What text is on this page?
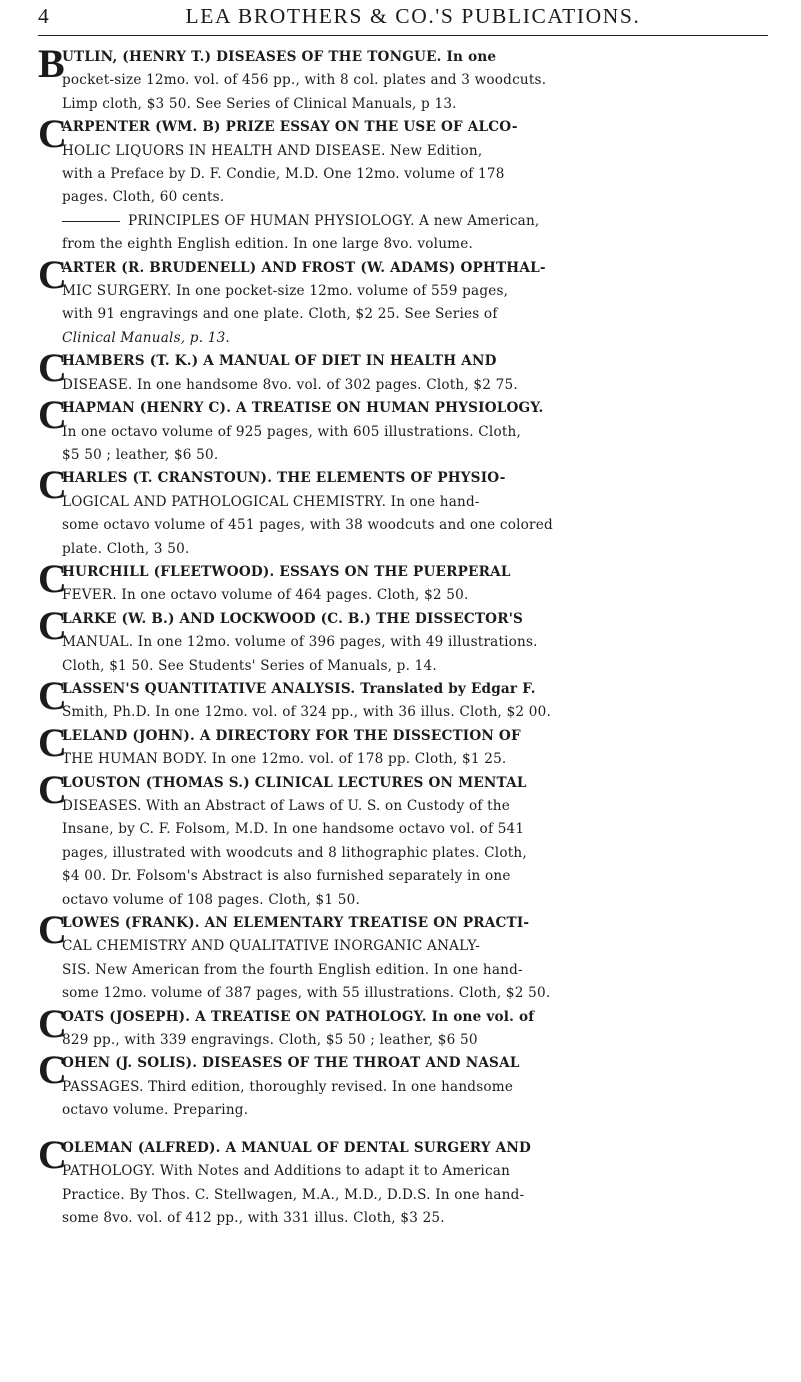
4	LEA BROTHERS & CO.'S PUBLICATIONS.
B
UTLIN, (HENRY T.) DISEASES OF THE TONGUE. In one
pocket-size 12mo. vol. of 456 pp., with 8 col. plates and 3 woodcuts.
Limp cloth, $3 50. See Series of Clinical Manuals, p 13.
C
ARPENTER (WM. B) PRIZE ESSAY ON THE USE OF ALCO-
HOLIC LIQUORS IN HEALTH AND DISEASE. New Edition,
with a Preface by D. F. Condie, M.D. One 12mo. volume of 178
pages. Cloth, 60 cents.
PRINCIPLES OF HUMAN PHYSIOLOGY. A new American,
from the eighth English edition. In one large 8vo. volume.
C
ARTER (R. BRUDENELL) AND FROST (W. ADAMS) OPHTHAL-
MIC SURGERY. In one pocket-size 12mo. volume of 559 pages,
with 91 engravings and one plate. Cloth, $2 25. See Series of
Clinical Manuals, p. 13.
C
HAMBERS (T. K.) A MANUAL OF DIET IN HEALTH AND
DISEASE. In one handsome 8vo. vol. of 302 pages. Cloth, $2 75.
C
HAPMAN (HENRY C). A TREATISE ON HUMAN PHYSIOLOGY.
In one octavo volume of 925 pages, with 605 illustrations. Cloth,
$5 50 ; leather, $6 50.
C
HARLES (T. CRANSTOUN). THE ELEMENTS OF PHYSIO-
LOGICAL AND PATHOLOGICAL CHEMISTRY. In one hand-
some octavo volume of 451 pages, with 38 woodcuts and one colored
plate. Cloth, 3 50.
C
HURCHILL (FLEETWOOD). ESSAYS ON THE PUERPERAL
FEVER. In one octavo volume of 464 pages. Cloth, $2 50.
C
LARKE (W. B.) AND LOCKWOOD (C. B.) THE DISSECTOR'S
MANUAL. In one 12mo. volume of 396 pages, with 49 illustrations.
Cloth, $1 50. See Students' Series of Manuals, p. 14.
C
LASSEN'S QUANTITATIVE ANALYSIS. Translated by Edgar F.
Smith, Ph.D. In one 12mo. vol. of 324 pp., with 36 illus. Cloth, $2 00.
C
LELAND (JOHN). A DIRECTORY FOR THE DISSECTION OF
THE HUMAN BODY. In one 12mo. vol. of 178 pp. Cloth, $1 25.
C
LOUSTON (THOMAS S.) CLINICAL LECTURES ON MENTAL
DISEASES. With an Abstract of Laws of U. S. on Custody of the
Insane, by C. F. Folsom, M.D. In one handsome octavo vol. of 541
pages, illustrated with woodcuts and 8 lithographic plates. Cloth,
$4 00. Dr. Folsom's Abstract is also furnished separately in one
octavo volume of 108 pages. Cloth, $1 50.
C
LOWES (FRANK). AN ELEMENTARY TREATISE ON PRACTI-
CAL CHEMISTRY AND QUALITATIVE INORGANIC ANALY-
SIS. New American from the fourth English edition. In one hand-
some 12mo. volume of 387 pages, with 55 illustrations. Cloth, $2 50.
C
OATS (JOSEPH). A TREATISE ON PATHOLOGY. In one vol. of
829 pp., with 339 engravings. Cloth, $5 50 ; leather, $6 50
C
OHEN (J. SOLIS). DISEASES OF THE THROAT AND NASAL
PASSAGES. Third edition, thoroughly revised. In one handsome
octavo volume. Preparing.
C
OLEMAN (ALFRED). A MANUAL OF DENTAL SURGERY AND
PATHOLOGY. With Notes and Additions to adapt it to American
Practice. By Thos. C. Stellwagen, M.A., M.D., D.D.S. In one hand-
some 8vo. vol. of 412 pp., with 331 illus. Cloth, $3 25.
